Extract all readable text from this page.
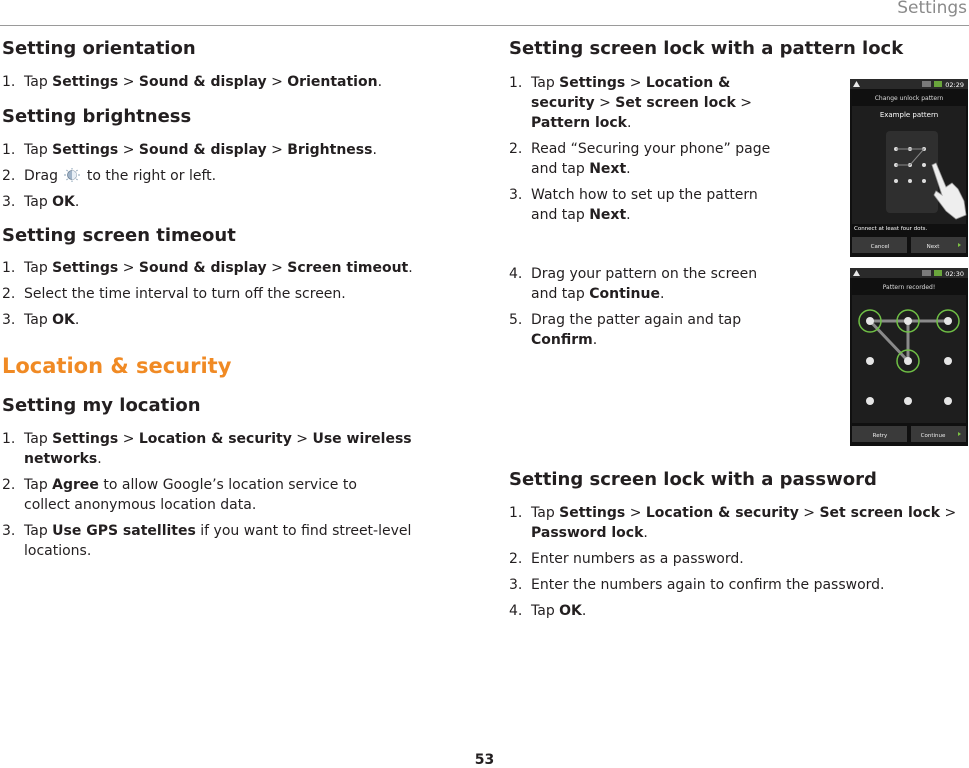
Settings
Setting orientation
1. Tap Settings > Sound & display > Orientation.
Setting brightness
1. Tap Settings > Sound & display > Brightness.
2. Drag  to the right or left.
3. Tap OK.
Setting screen timeout
1. Tap Settings > Sound & display > Screen timeout.
2. Select the time interval to turn off the screen.
3. Tap OK.
Location & security
Setting my location
1. Tap Settings > Location & security > Use wireless networks.
2. Tap Agree to allow Google’s location service to collect anonymous location data.
3. Tap Use GPS satellites if you want to find street-level locations.
Setting screen lock with a pattern lock
1. Tap Settings > Location & security > Set screen lock > Pattern lock.
2. Read “Securing your phone” page and tap Next.
3. Watch how to set up the pattern and tap Next.
4. Drag your pattern on the screen and tap Continue.
5. Drag the patter again and tap Confirm.
Setting screen lock with a password
1. Tap Settings > Location & security > Set screen lock > Password lock.
2. Enter numbers as a password.
3. Enter the numbers again to confirm the password.
4. Tap OK.
02:29
Change unlock pattern
Example pattern
Connect at least four dots.
Cancel	Next
02:30
Pattern recorded!
Retry	Continue
53
